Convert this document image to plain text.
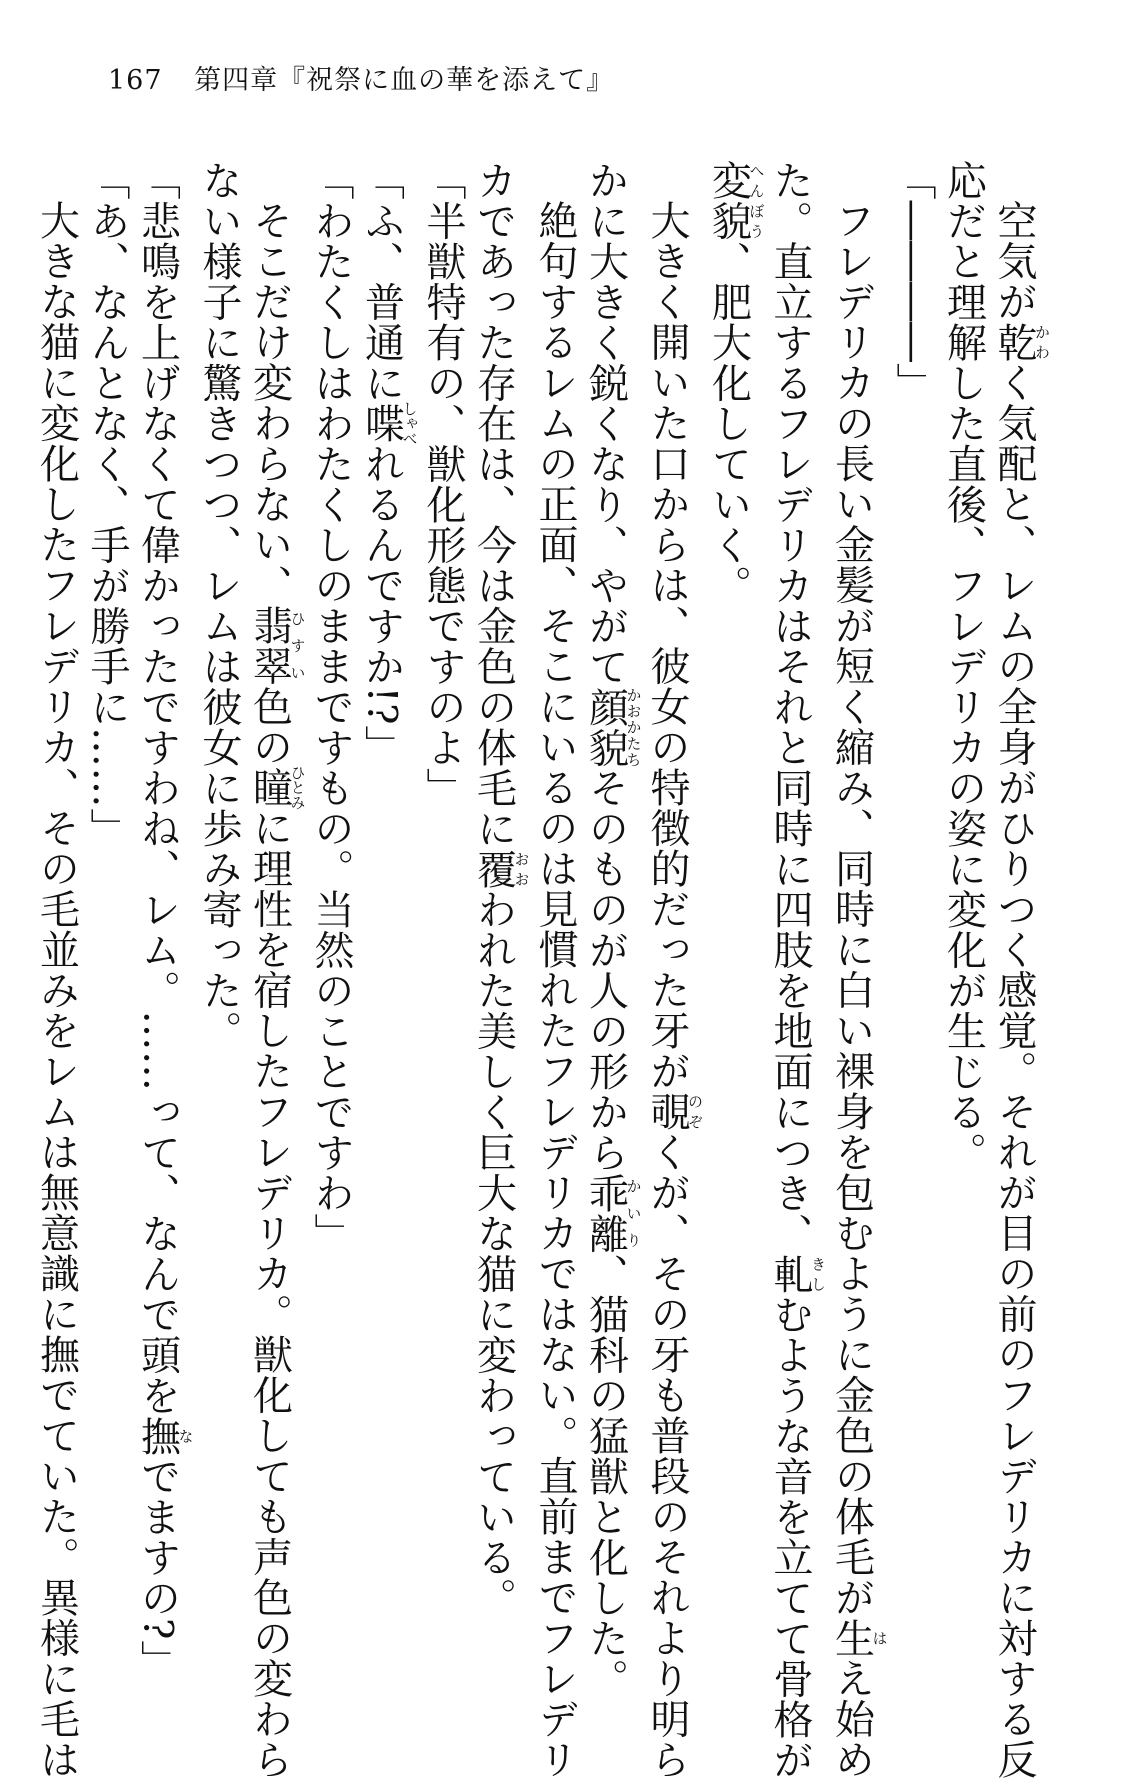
167 第四章『祝祭に血の華を添えて』

空気が乾かわく気配と、レムの全身がひりつく感覚。それが目の前のフレデリカに対する反

応だと理解した直後、フレデリカの姿に変化が生じる。

「――――」

フレデリカの長い金髪が短く縮み、同時に白い裸身を包むように金色の体毛が生はえ始め

た。直立するフレデリカはそれと同時に四肢を地面につき、軋きしむような音を立てて骨格が

変貌へんぼう、肥大化していく。

大きく開いた口からは、彼女の特徴的だった牙が覗のぞくが、その牙も普段のそれより明ら

かに大きく鋭くなり、やがて顔貌かおかたちそのものが人の形から乖離かいり、猫科の猛獣と化した。

絶句するレムの正面、そこにいるのは見慣れたフレデリカではない。直前までフレデリ

カであった存在は、今は金色の体毛に覆おおわれた美しく巨大な猫に変わっている。

「半獣特有の、獣化形態ですのよ」

「ふ、普通に喋しゃべれるんですか!?」

「わたくしはわたくしのままですもの。当然のことですわ」

そこだけ変わらない、翡翠ひすい色の瞳ひとみに理性を宿したフレデリカ。獣化しても声色の変わら

ない様子に驚きつつ、レムは彼女に歩み寄った。

「悲鳴を上げなくて偉かったですわね、レム。……って、なんで頭を撫なでますの?」

「あ、なんとなく、手が勝手に……」

大きな猫に変化したフレデリカ、その毛並みをレムは無意識に撫でていた。異様に毛は
